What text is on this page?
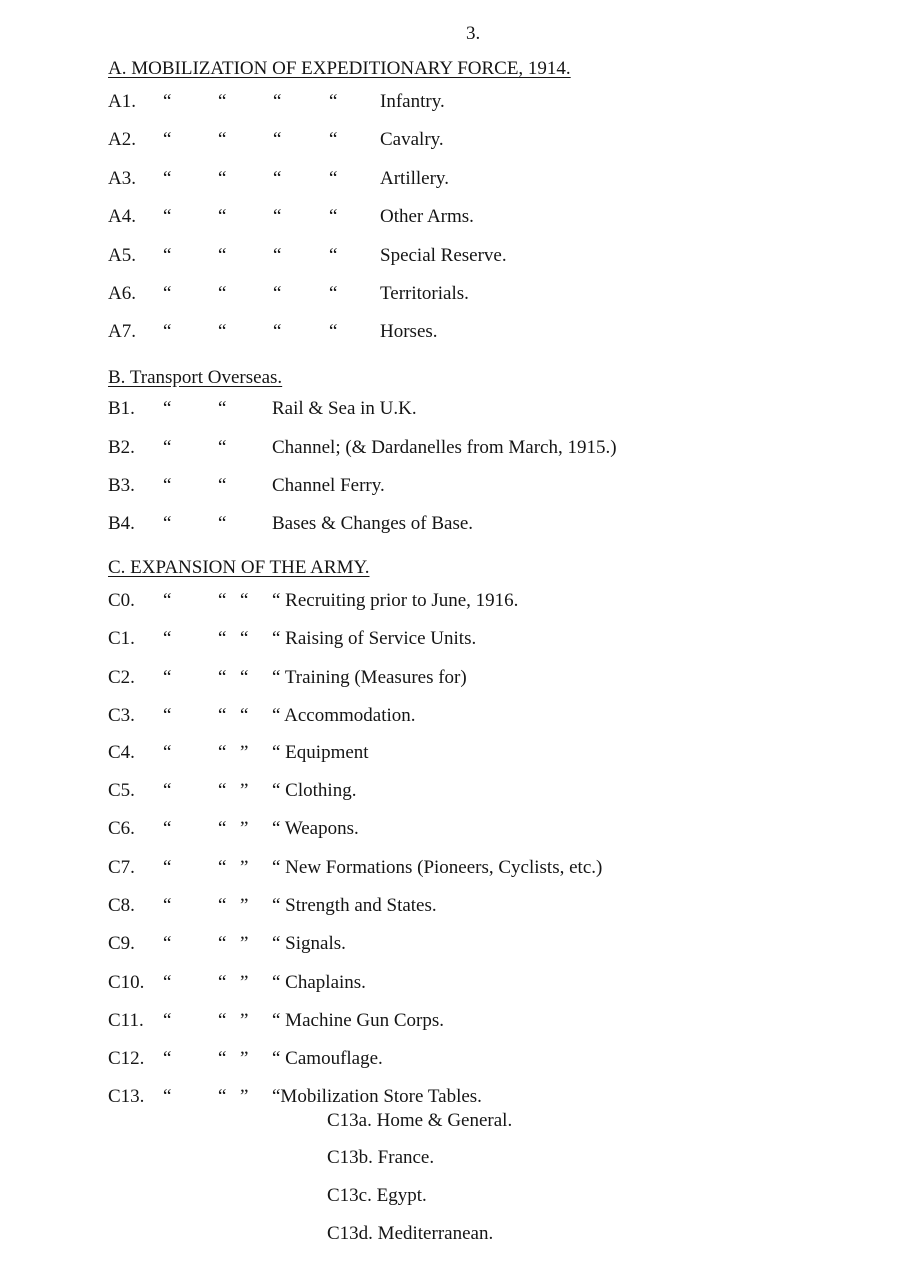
3.
A. MOBILIZATION OF EXPEDITIONARY FORCE, 1914.
A1. “ “ “	“ Infantry.
A2. “ “ “	“ Cavalry.
A3. “ “ “	“ Artillery.
A4. “ “ “	“ Other Arms.
A5. “ “ “	“ Special Reserve.
A6. “ “ “	“ Territorials.
A7. “ “ “	“ Horses.
B. Transport Overseas.
B1. “ “ Rail & Sea in U.K.
B2. “ “ Channel; (& Dardanelles from March, 1915.)
B3. “ “ Channel Ferry.
B4. “ “ Bases & Changes of Base.
C. EXPANSION OF THE ARMY.
C0. “ “ “ “ Recruiting prior to June, 1916.
C1. “ “ “ “ Raising of Service Units.
C2. “ “ “ “ Training (Measures for)
C3. “ “ “ “ Accommodation.
C4. “ “ ” “ Equipment
C5. “ “ ” “ Clothing.
C6. “ “ ” “ Weapons.
C7. “ “ ” “ New Formations (Pioneers, Cyclists, etc.)
C8. “ “ ” “ Strength and States.
C9. “ “ ” “ Signals.
C10. “ “ ” “ Chaplains.
C11. “ “ ” “ Machine Gun Corps.
C12. “ “ ” “ Camouflage.
C13. “ “ ” “Mobilization Store Tables.
C13a. Home & General.
C13b. France.
C13c. Egypt.
C13d. Mediterranean.
